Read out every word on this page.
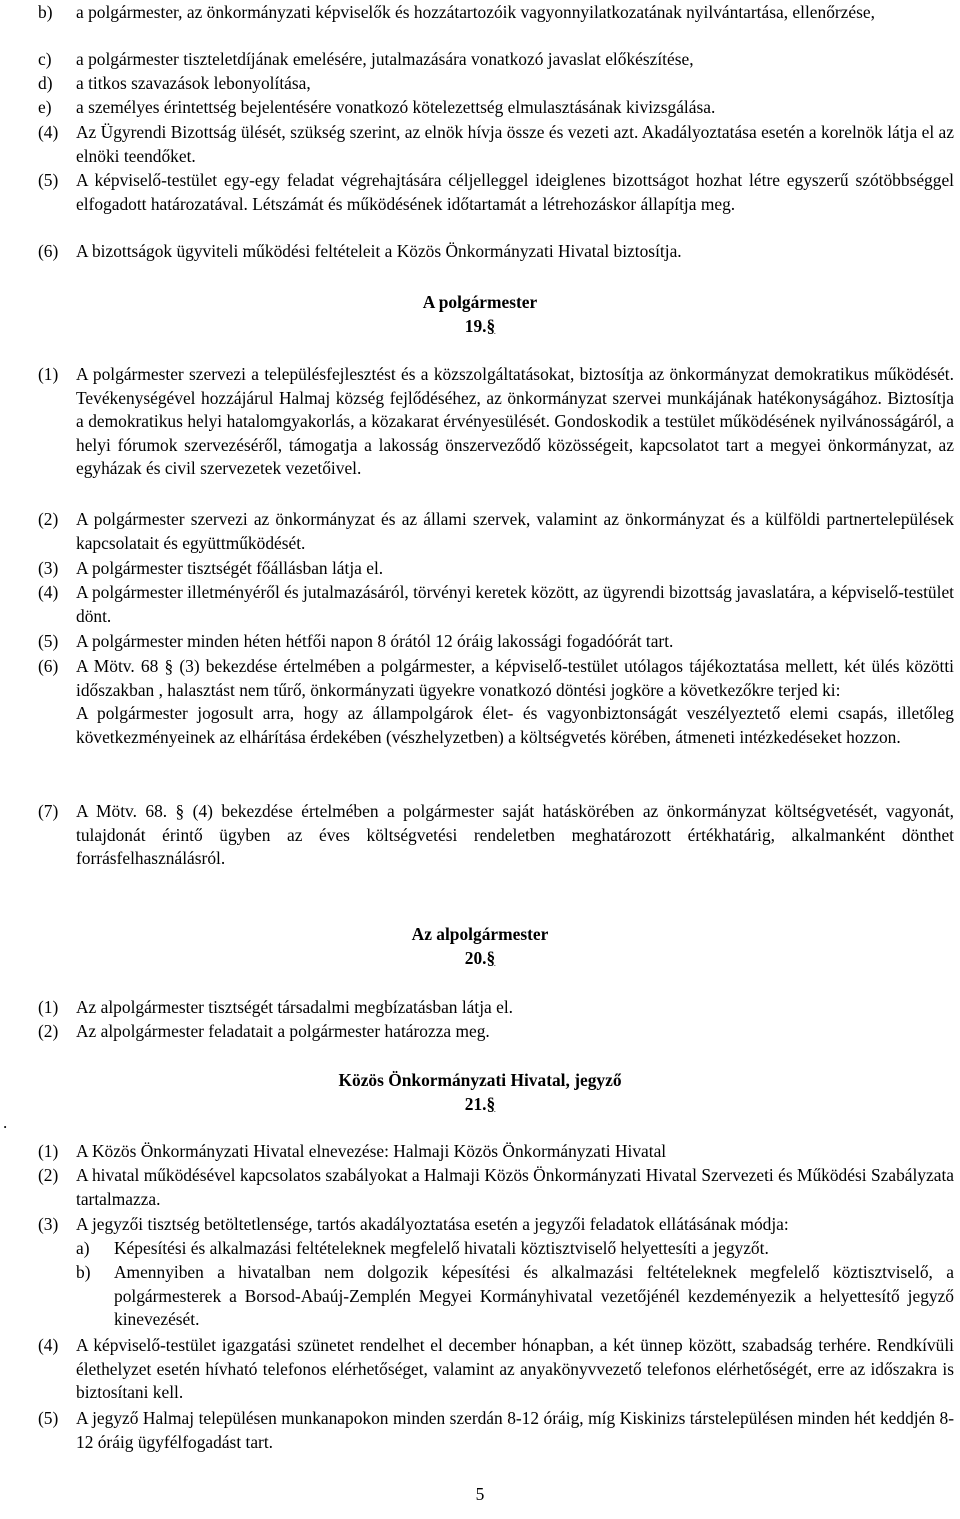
b) a polgármester, az önkormányzati képviselők és hozzátartozóik vagyonnyilatkozatának nyilvántartása, ellenőrzése,
c) a polgármester tiszteletdíjának emelésére, jutalmazására vonatkozó javaslat előkészítése,
d) a titkos szavazások lebonyolítása,
e) a személyes érintettség bejelentésére vonatkozó kötelezettség elmulasztásának kivizsgálása.
(4) Az Ügyrendi Bizottság ülését, szükség szerint, az elnök hívja össze és vezeti azt. Akadályoztatása esetén a korelnök látja el az elnöki teendőket.
(5) A képviselő-testület egy-egy feladat végrehajtására céljelleggel ideiglenes bizottságot hozhat létre egyszerű szótöbbséggel elfogadott határozatával. Létszámát és működésének időtartamát a létrehozáskor állapítja meg.
(6) A bizottságok ügyviteli működési feltételeit a Közös Önkormányzati Hivatal biztosítja.
A polgármester
19.§
(1) A polgármester szervezi a településfejlesztést és a közszolgáltatásokat, biztosítja az önkormányzat demokratikus működését. Tevékenységével hozzájárul Halmaj község fejlődéséhez, az önkormányzat szervei munkájának hatékonyságához. Biztosítja a demokratikus helyi hatalomgyakorlás, a közakarat érvényesülését. Gondoskodik a testület működésének nyilvánosságáról, a helyi fórumok szervezéséről, támogatja a lakosság önszerveződő közösségeit, kapcsolatot tart a megyei önkormányzat, az egyházak és civil szervezetek vezetőivel.
(2) A polgármester szervezi az önkormányzat és az állami szervek, valamint az önkormányzat és a külföldi partnertelepülések kapcsolatait és együttműködését.
(3) A polgármester tisztségét főállásban látja el.
(4) A polgármester illetményéről és jutalmazásáról, törvényi keretek között, az ügyrendi bizottság javaslatára, a képviselő-testület dönt.
(5) A polgármester minden héten hétfői napon 8 órától 12 óráig lakossági fogadóórát tart.
(6) A Mötv. 68 § (3) bekezdése értelmében a polgármester, a képviselő-testület utólagos tájékoztatása mellett, két ülés közötti időszakban , halasztást nem tűrő, önkormányzati ügyekre vonatkozó döntési jogköre a következőkre terjed ki:

A polgármester jogosult arra, hogy az állampolgárok élet- és vagyonbiztonságát veszélyeztető elemi csapás, illetőleg következményeinek az elhárítása érdekében (vészhelyzetben) a költségvetés körében, átmeneti intézkedéseket hozzon.

(7) A Mötv. 68. § (4) bekezdése értelmében a polgármester saját hatáskörében az önkormányzat költségvetését, vagyonát, tulajdonát érintő ügyben az éves költségvetési rendeletben meghatározott értékhatárig, alkalmanként dönthet forrásfelhasználásról.
Az alpolgármester
20.§
(1) Az alpolgármester tisztségét társadalmi megbízatásban látja el.
(2) Az alpolgármester feladatait a polgármester határozza meg.
Közös Önkormányzati Hivatal, jegyző
21.§
.
(1) A Közös Önkormányzati Hivatal elnevezése: Halmaji Közös Önkormányzati Hivatal
(2) A hivatal működésével kapcsolatos szabályokat a Halmaji Közös Önkormányzati Hivatal Szervezeti és Működési Szabályzata tartalmazza.
(3) A jegyzői tisztség betöltetlensége, tartós akadályoztatása esetén a jegyzői feladatok ellátásának módja:
a) Képesítési és alkalmazási feltételeknek megfelelő hivatali köztisztviselő helyettesíti a jegyzőt.
b) Amennyiben a hivatalban nem dolgozik képesítési és alkalmazási feltételeknek megfelelő köztisztviselő, a polgármesterek a Borsod-Abaúj-Zemplén Megyei Kormányhivatal vezetőjénél kezdeményezik a helyettesítő jegyző kinevezését.
(4) A képviselő-testület igazgatási szünetet rendelhet el december hónapban, a két ünnep között, szabadság terhére. Rendkívüli élethelyzet esetén hívható telefonos elérhetőséget, valamint az anyakönyvvezető telefonos elérhetőségét, erre az időszakra is biztosítani kell.
(5) A jegyző Halmaj településen munkanapokon minden szerdán 8-12 óráig, míg Kiskinizs társtelepülésen minden hét keddjén 8-12 óráig ügyfélfogadást tart.
5
